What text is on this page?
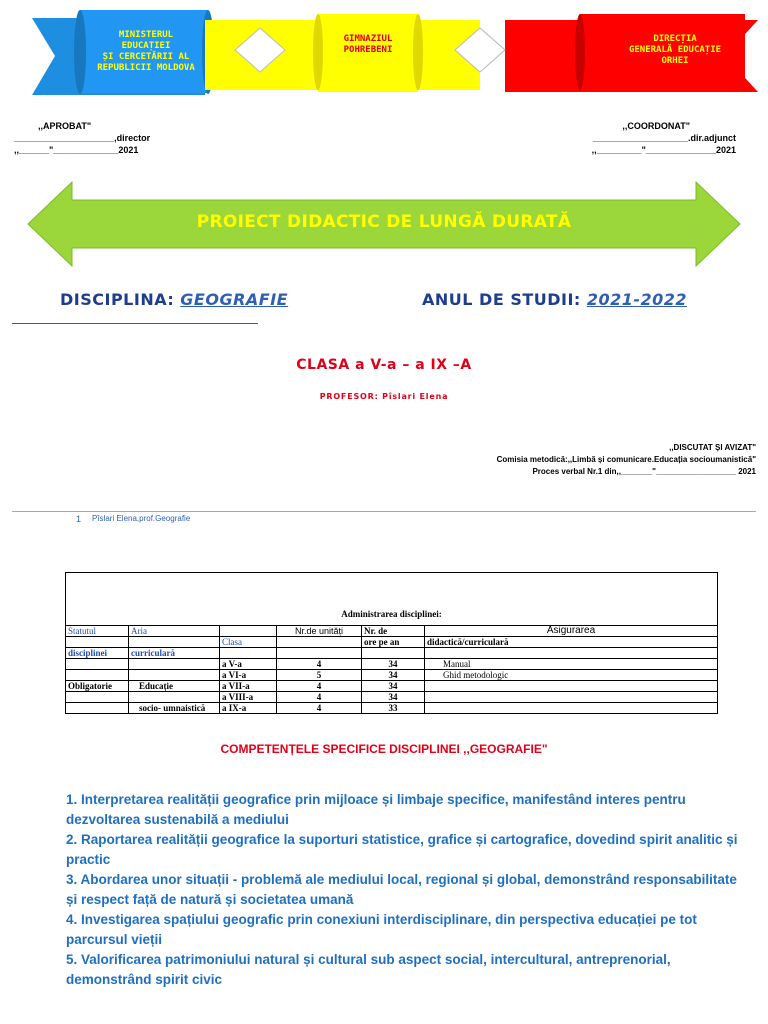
MINISTERUL
EDUCAȚIEI
ȘI CERCETĂRII AL
REPUBLICII MOLDOVA
GIMNAZIUL
POHREBENI
DIRECȚIA
GENERALĂ EDUCAȚIE
ORHEI
,,APROBAT"
____________________,director
,,______"_____________2021
,,COORDONAT"
___________________.dir.adjunct
,,_________"______________2021
PROIECT DIDACTIC DE LUNGĂ DURATĂ
DISCIPLINA: GEOGRAFIE	ANUL DE STUDII: 2021-2022
CLASA a V-a – a IX –A
PROFESOR: Pîslari Elena
,,DISCUTAT ȘI AVIZAT"
Comisia metodică:,,Limbă și comunicare.Educația socioumanistică"
Proces verbal Nr.1 din,,_______"__________________ 2021
1 Pîslari Elena,prof.Geografie
Administrarea disciplinei:					

Statutul	Aria		Nr.de unități	Nr. de	Asigurarea
		Clasa		ore pe an	didactică/curriculară
disciplinei	curriculară				
		a V-a	4	34	Manual
		a VI-a	5	34	Ghid metodologic
Obligatorie	Educație	a VII-a	4	34	
		a VIII-a	4	34	
	socio- umnaistică	a IX-a	4	33	
COMPETENȚELE SPECIFICE DISCIPLINEI ,,GEOGRAFIE"
1. Interpretarea realității geografice prin mijloace și limbaje specifice, manifestând interes pentru dezvoltarea sustenabilă a mediului
2. Raportarea realității geografice la suporturi statistice, grafice și cartografice, dovedind spirit analitic și practic
3. Abordarea unor situații - problemă ale mediului local, regional și global, demonstrând responsabilitate și respect față de natură și societatea umană
4. Investigarea spațiului geografic prin conexiuni interdisciplinare, din perspectiva educației pe tot parcursul vieții
5. Valorificarea patrimoniului natural și cultural sub aspect social, intercultural, antreprenorial, demonstrând spirit civic
